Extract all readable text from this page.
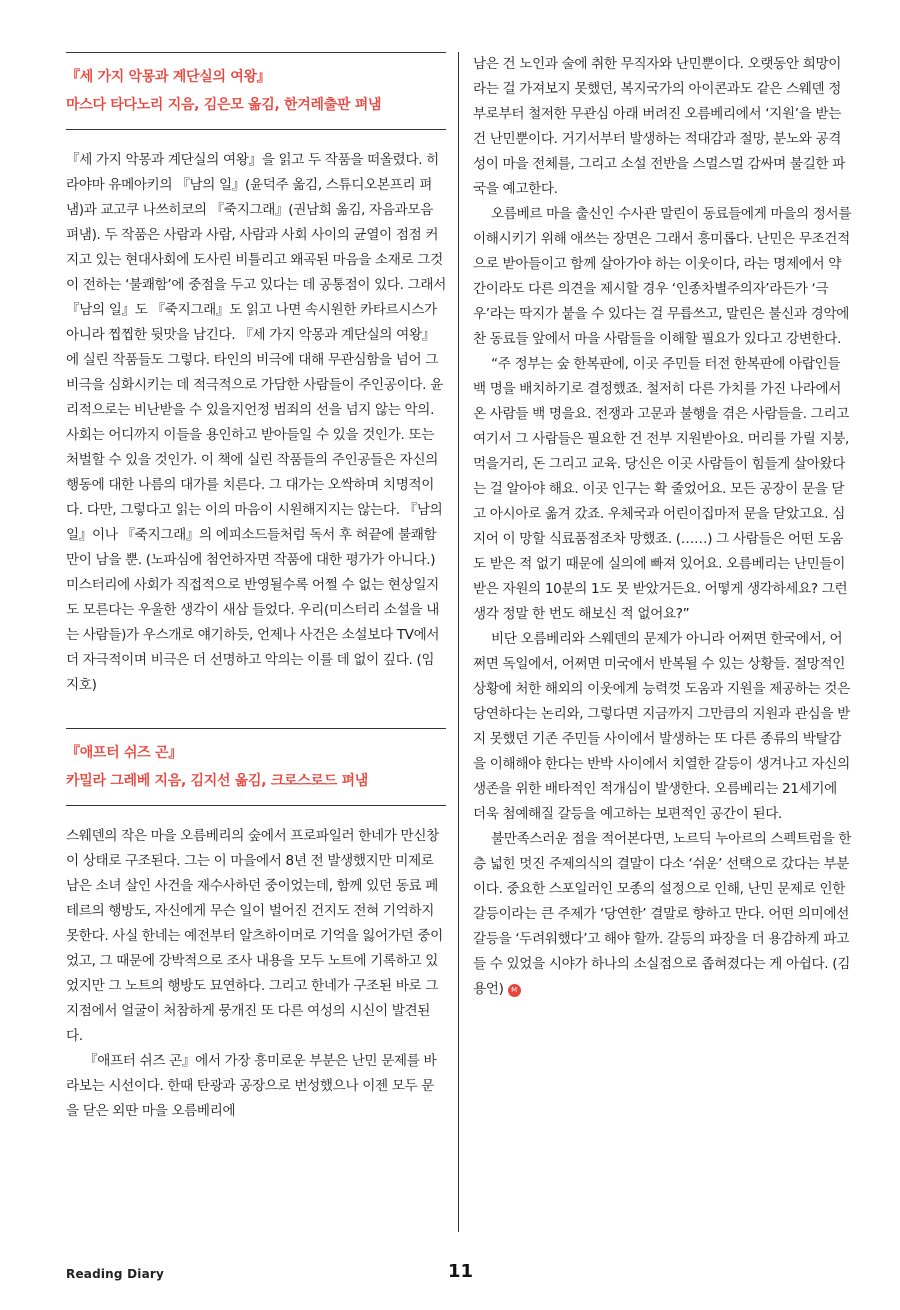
『세 가지 악몽과 계단실의 여왕』

마스다 타다노리 지음, 김은모 옮김, 한겨레출판 펴냄

『세 가지 악몽과 계단실의 여왕』을 읽고 두 작품을 떠올렸다. 히라야마 유메아키의 『남의 일』(윤덕주 옮김, 스튜디오본프리 펴냄)과 교고쿠 나쓰히코의 『죽지그래』(권남희 옮김, 자음과모음 펴냄). 두 작품은 사람과 사람, 사람과 사회 사이의 균열이 점점 커지고 있는 현대사회에 도사린 비틀리고 왜곡된 마음을 소재로 그것이 전하는 ‘불쾌함’에 중점을 두고 있다는 데 공통점이 있다. 그래서 『남의 일』도 『죽지그래』도 읽고 나면 속시원한 카타르시스가 아니라 찝찝한 뒷맛을 남긴다. 『세 가지 악몽과 계단실의 여왕』에 실린 작품들도 그렇다. 타인의 비극에 대해 무관심함을 넘어 그 비극을 심화시키는 데 적극적으로 가담한 사람들이 주인공이다. 윤리적으로는 비난받을 수 있을지언정 범죄의 선을 넘지 않는 악의. 사회는 어디까지 이들을 용인하고 받아들일 수 있을 것인가. 또는 처벌할 수 있을 것인가. 이 책에 실린 작품들의 주인공들은 자신의 행동에 대한 나름의 대가를 치른다. 그 대가는 오싹하며 치명적이다. 다만, 그렇다고 읽는 이의 마음이 시원해지지는 않는다. 『남의 일』이나 『죽지그래』의 에피소드들처럼 독서 후 혀끝에 불쾌함만이 남을 뿐. (노파심에 첨언하자면 작품에 대한 평가가 아니다.) 미스터리에 사회가 직접적으로 반영될수록 어쩔 수 없는 현상일지도 모른다는 우울한 생각이 새삼 들었다. 우리(미스터리 소설을 내는 사람들)가 우스개로 얘기하듯, 언제나 사건은 소설보다 TV에서 더 자극적이며 비극은 더 선명하고 악의는 이를 데 없이 깊다. (임지호)

『애프터 쉬즈 곤』

카밀라 그레베 지음, 김지선 옮김, 크로스로드 펴냄

스웨덴의 작은 마을 오름베리의 숲에서 프로파일러 한네가 만신창이 상태로 구조된다. 그는 이 마을에서 8년 전 발생했지만 미제로 남은 소녀 살인 사건을 재수사하던 중이었는데, 함께 있던 동료 페테르의 행방도, 자신에게 무슨 일이 벌어진 건지도 전혀 기억하지 못한다. 사실 한네는 예전부터 알츠하이머로 기억을 잃어가던 중이었고, 그 때문에 강박적으로 조사 내용을 모두 노트에 기록하고 있었지만 그 노트의 행방도 묘연하다. 그리고 한네가 구조된 바로 그 지점에서 얼굴이 처참하게 뭉개진 또 다른 여성의 시신이 발견된다.

『애프터 쉬즈 곤』에서 가장 흥미로운 부분은 난민 문제를 바라보는 시선이다. 한때 탄광과 공장으로 번성했으나 이젠 모두 문을 닫은 외딴 마을 오름베리에

남은 건 노인과 술에 취한 무직자와 난민뿐이다. 오랫동안 희망이라는 걸 가져보지 못했던, 복지국가의 아이콘과도 같은 스웨덴 정부로부터 철저한 무관심 아래 버려진 오름베리에서 ‘지원’을 받는 건 난민뿐이다. 거기서부터 발생하는 적대감과 절망, 분노와 공격성이 마을 전체를, 그리고 소설 전반을 스멀스멀 감싸며 불길한 파국을 예고한다.

오름베르 마을 출신인 수사관 말린이 동료들에게 마을의 정서를 이해시키기 위해 애쓰는 장면은 그래서 흥미롭다. 난민은 무조건적으로 받아들이고 함께 살아가야 하는 이웃이다, 라는 명제에서 약간이라도 다른 의견을 제시할 경우 ‘인종차별주의자’라든가 ‘극우’라는 딱지가 붙을 수 있다는 걸 무릅쓰고, 말린은 불신과 경악에 찬 동료들 앞에서 마을 사람들을 이해할 필요가 있다고 강변한다.

“주 정부는 숲 한복판에, 이곳 주민들 터전 한복판에 아랍인들 백 명을 배치하기로 결정했죠. 철저히 다른 가치를 가진 나라에서 온 사람들 백 명을요. 전쟁과 고문과 불행을 겪은 사람들을. 그리고 여기서 그 사람들은 필요한 건 전부 지원받아요. 머리를 가릴 지붕, 먹을거리, 돈 그리고 교육. 당신은 이곳 사람들이 힘들게 살아왔다는 걸 알아야 해요. 이곳 인구는 확 줄었어요. 모든 공장이 문을 닫고 아시아로 옮겨 갔죠. 우체국과 어린이집마저 문을 닫았고요. 심지어 이 망할 식료품점조차 망했죠. (……) 그 사람들은 어떤 도움도 받은 적 없기 때문에 실의에 빠져 있어요. 오름베리는 난민들이 받은 자원의 10분의 1도 못 받았거든요. 어떻게 생각하세요? 그런 생각 정말 한 번도 해보신 적 없어요?”

비단 오름베리와 스웨덴의 문제가 아니라 어쩌면 한국에서, 어쩌면 독일에서, 어쩌면 미국에서 반복될 수 있는 상황들. 절망적인 상황에 처한 해외의 이웃에게 능력껏 도움과 지원을 제공하는 것은 당연하다는 논리와, 그렇다면 지금까지 그만큼의 지원과 관심을 받지 못했던 기존 주민들 사이에서 발생하는 또 다른 종류의 박탈감을 이해해야 한다는 반박 사이에서 치열한 갈등이 생겨나고 자신의 생존을 위한 배타적인 적개심이 발생한다. 오름베리는 21세기에 더욱 첨예해질 갈등을 예고하는 보편적인 공간이 된다.

불만족스러운 점을 적어본다면, 노르딕 누아르의 스펙트럼을 한층 넓힌 멋진 주제의식의 결말이 다소 ‘쉬운’ 선택으로 갔다는 부분이다. 중요한 스포일러인 모종의 설정으로 인해, 난민 문제로 인한 갈등이라는 큰 주제가 ‘당연한’ 결말로 향하고 만다. 어떤 의미에선 갈등을 ‘두려워했다’고 해야 할까. 갈등의 파장을 더 용감하게 파고들 수 있었을 시야가 하나의 소실점으로 좁혀졌다는 게 아쉽다. (김용언) M

Reading Diary	11
